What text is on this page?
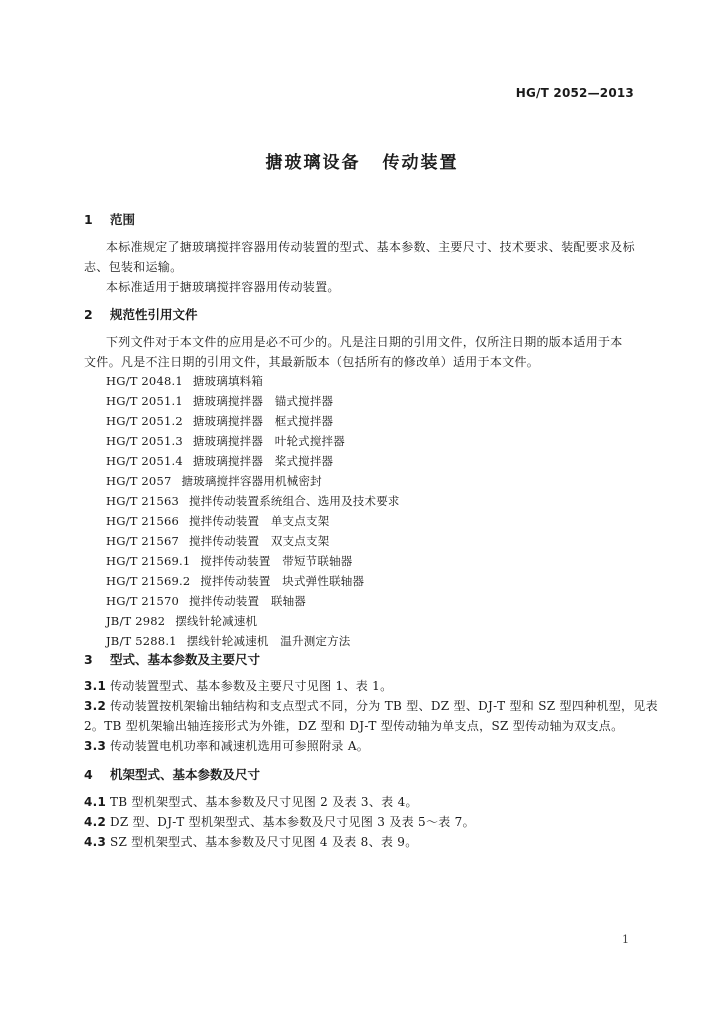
HG/T 2052—2013
搪玻璃设备 传动装置
1 范围
本标准规定了搪玻璃搅拌容器用传动装置的型式、基本参数、主要尺寸、技术要求、装配要求及标
志、包装和运输。
本标准适用于搪玻璃搅拌容器用传动装置。
2 规范性引用文件
下列文件对于本文件的应用是必不可少的。凡是注日期的引用文件，仅所注日期的版本适用于本
文件。凡是不注日期的引用文件，其最新版本（包括所有的修改单）适用于本文件。
HG/T 2048.1 搪玻璃填料箱
HG/T 2051.1 搪玻璃搅拌器　锚式搅拌器
HG/T 2051.2 搪玻璃搅拌器　框式搅拌器
HG/T 2051.3 搪玻璃搅拌器　叶轮式搅拌器
HG/T 2051.4 搪玻璃搅拌器　桨式搅拌器
HG/T 2057 搪玻璃搅拌容器用机械密封
HG/T 21563 搅拌传动装置系统组合、选用及技术要求
HG/T 21566 搅拌传动装置　单支点支架
HG/T 21567 搅拌传动装置　双支点支架
HG/T 21569.1 搅拌传动装置　带短节联轴器
HG/T 21569.2 搅拌传动装置　块式弹性联轴器
HG/T 21570 搅拌传动装置　联轴器
JB/T 2982 摆线针轮减速机
JB/T 5288.1 摆线针轮减速机　温升测定方法
3 型式、基本参数及主要尺寸
3.1 传动装置型式、基本参数及主要尺寸见图 1、表 1。
3.2 传动装置按机架输出轴结构和支点型式不同，分为 TB 型、DZ 型、DJ-T 型和 SZ 型四种机型，见表
2。TB 型机架输出轴连接形式为外锥，DZ 型和 DJ-T 型传动轴为单支点，SZ 型传动轴为双支点。
3.3 传动装置电机功率和减速机选用可参照附录 A。
4 机架型式、基本参数及尺寸
4.1 TB 型机架型式、基本参数及尺寸见图 2 及表 3、表 4。
4.2 DZ 型、DJ-T 型机架型式、基本参数及尺寸见图 3 及表 5～表 7。
4.3 SZ 型机架型式、基本参数及尺寸见图 4 及表 8、表 9。
1
